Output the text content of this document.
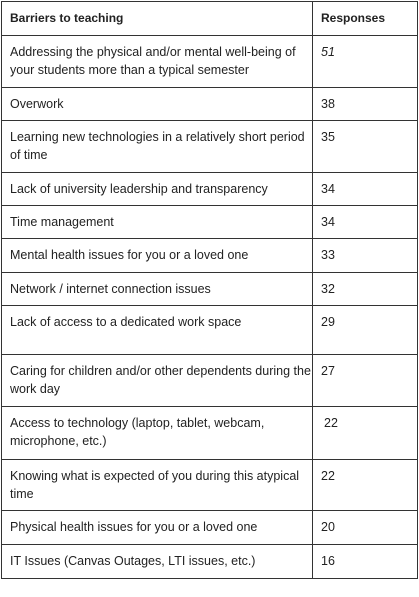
Barriers to teaching	Responses
Addressing the physical and/or mental well-being of your students more than a typical semester	51
Overwork	38
Learning new technologies in a relatively short period of time	35
Lack of university leadership and transparency	34
Time management	34
Mental health issues for you or a loved one	33
Network / internet connection issues	32
Lack of access to a dedicated work space	29
Caring for children and/or other dependents during the work day	27
Access to technology (laptop, tablet, webcam, microphone, etc.)	22
Knowing what is expected of you during this atypical time	22
Physical health issues for you or a loved one	20
IT Issues (Canvas Outages, LTI issues, etc.)	16
